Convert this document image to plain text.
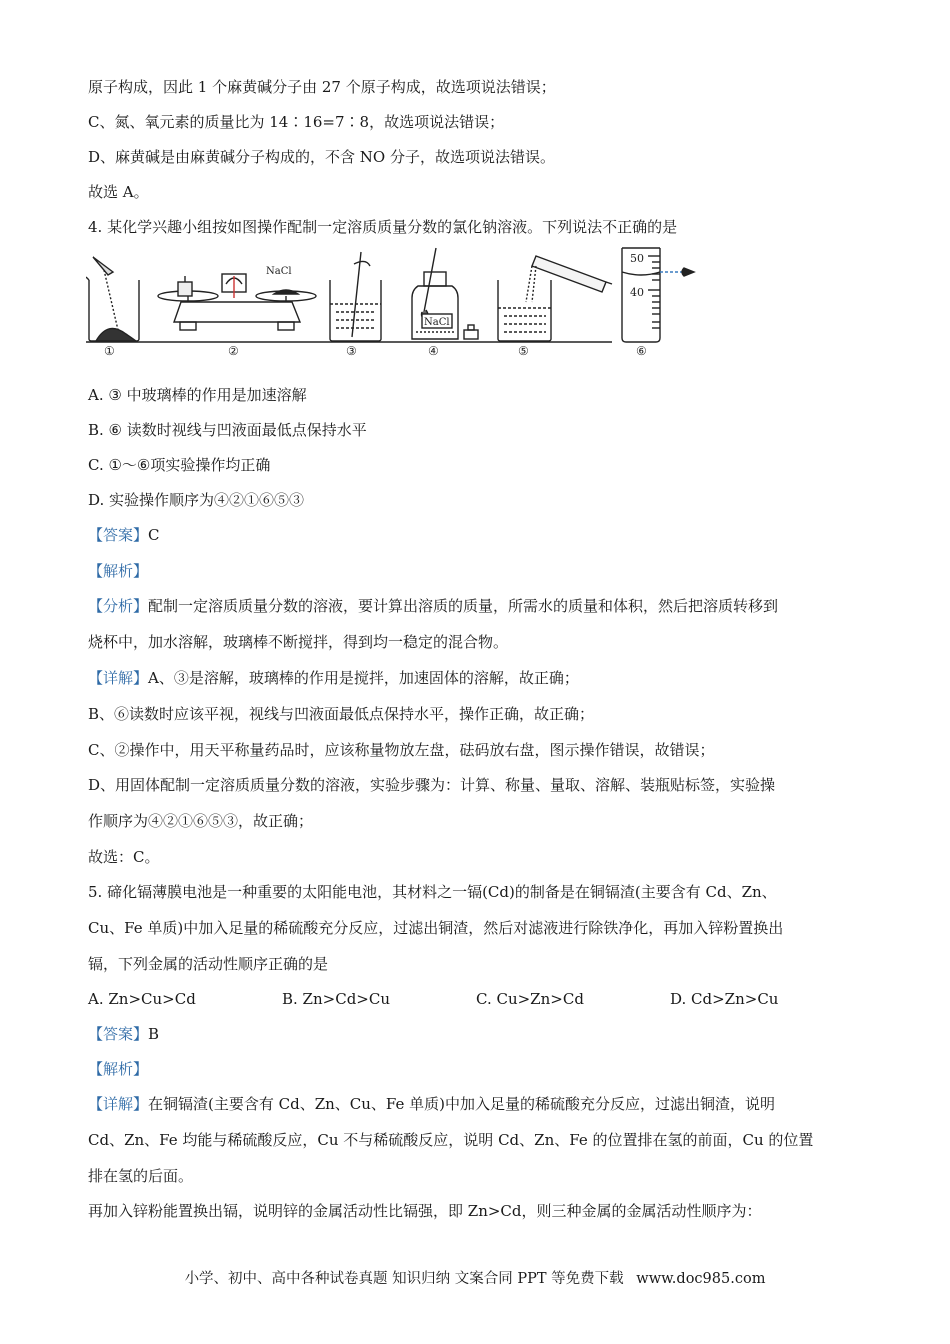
原子构成，因此 1 个麻黄碱分子由 27 个原子构成，故选项说法错误；
C、氮、氧元素的质量比为 14∶16=7∶8，故选项说法错误；
D、麻黄碱是由麻黄碱分子构成的，不含 NO 分子，故选项说法错误。
故选 A。
4. 某化学兴趣小组按如图操作配制一定溶质质量分数的氯化钠溶液。下列说法不正确的是
①
NaCl
②	③
NaCl
④	⑤
50
40
⑥
A. ③ 中玻璃棒的作用是加速溶解
B. ⑥ 读数时视线与凹液面最低点保持水平
C. ①～⑥项实验操作均正确
D. 实验操作顺序为④②①⑥⑤③
【答案】C
【解析】
【分析】配制一定溶质质量分数的溶液，要计算出溶质的质量，所需水的质量和体积，然后把溶质转移到
烧杯中，加水溶解，玻璃棒不断搅拌，得到均一稳定的混合物。
【详解】A、③是溶解，玻璃棒的作用是搅拌，加速固体的溶解，故正确；
B、⑥读数时应该平视，视线与凹液面最低点保持水平，操作正确，故正确；
C、②操作中，用天平称量药品时，应该称量物放左盘，砝码放右盘，图示操作错误，故错误；
D、用固体配制一定溶质质量分数的溶液，实验步骤为：计算、称量、量取、溶解、装瓶贴标签，实验操
作顺序为④②①⑥⑤③，故正确；
故选：C。
5. 碲化镉薄膜电池是一种重要的太阳能电池，其材料之一镉(Cd)的制备是在铜镉渣(主要含有 Cd、Zn、
Cu、Fe 单质)中加入足量的稀硫酸充分反应，过滤出铜渣，然后对滤液进行除铁净化，再加入锌粉置换出
镉，下列金属的活动性顺序正确的是
A. Zn>Cu>Cd	B. Zn>Cd>Cu	C. Cu>Zn>Cd	D. Cd>Zn>Cu
【答案】B
【解析】
【详解】在铜镉渣(主要含有 Cd、Zn、Cu、Fe 单质)中加入足量的稀硫酸充分反应，过滤出铜渣，说明
Cd、Zn、Fe 均能与稀硫酸反应，Cu 不与稀硫酸反应，说明 Cd、Zn、Fe 的位置排在氢的前面，Cu 的位置
排在氢的后面。
再加入锌粉能置换出镉，说明锌的金属活动性比镉强，即 Zn>Cd，则三种金属的金属活动性顺序为：
小学、初中、高中各种试卷真题 知识归纳 文案合同 PPT 等免费下载 www.doc985.com
